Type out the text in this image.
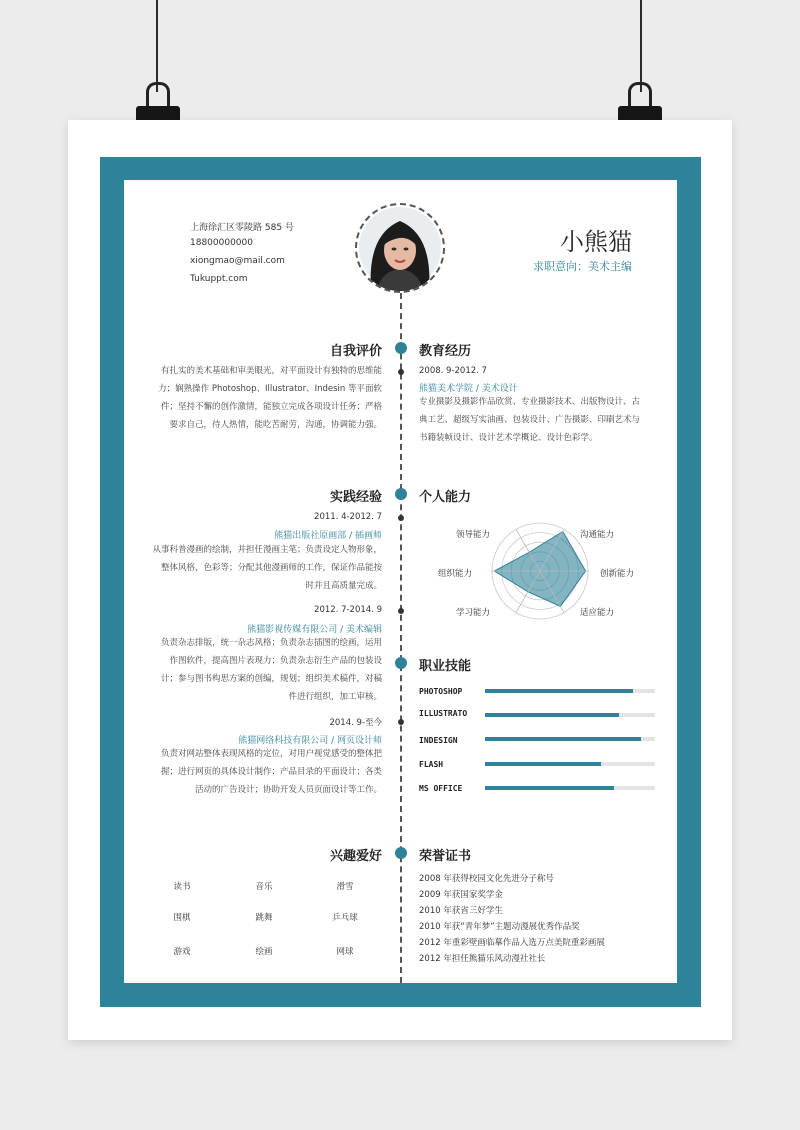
上海徐汇区零陵路 585 号
18800000000
xiongmao@mail.com
Tukuppt.com
小熊猫
求职意向：美术主编
自我评价
有扎实的美术基础和审美眼光，对平面设计有独特的思维能
力；娴熟操作 Photoshop、Illustrator、Indesin 等平面软
件；坚持不懈的创作激情，能独立完成各项设计任务；严格
要求自己，待人热情，能吃苦耐劳，沟通，协调能力强。
教育经历
2008. 9-2012. 7
熊猫美术学院 / 美术设计
专业摄影及摄影作品欣赏、专业摄影技术、出版物设计、古
典工艺、超级写实油画、包装设计、广告摄影、印刷艺术与
书籍装帧设计、设计艺术学概论、设计色彩学。
实践经验
2011. 4-2012. 7
熊猫出版社原画部 / 插画师
从事科普漫画的绘制，并担任漫画主笔；负责设定人物形象，
整体风格，色彩等；分配其他漫画师的工作，保证作品能按
时并且高质量完成。
2012. 7-2014. 9
熊猫影视传媒有限公司 / 美术编辑
负责杂志排版，统一杂志风格；负责杂志插图的绘画，运用
作图软件，提高图片表现力；负责杂志衍生产品的包装设
计；参与图书构思方案的创编，规划；组织美术稿件，对稿
件进行组织，加工审核。
2014. 9-至今
熊猫网络科技有限公司 / 网页设计师
负责对网站整体表现风格的定位，对用户视觉感受的整体把
握；进行网页的具体设计制作；产品目录的平面设计；各类
活动的广告设计；协助开发人员页面设计等工作。
个人能力
领导能力	沟通能力
创新能力
适应能力
学习能力
组织能力
职业技能
PHOTOSHOP
ILLUSTRATO
INDESIGN
FLASH
MS OFFICE
兴趣爱好
读书	音乐	滑雪
围棋	跳舞	乒乓球
游戏	绘画	网球
荣誉证书
2008 年获得校园文化先进分子称号
2009 年获国家奖学金
2010 年获省三好学生
2010 年获“青年梦”主题动漫展优秀作品奖
2012 年重彩壁画临摹作品入选万点美院重彩画展
2012 年担任熊猫乐风动漫社社长
